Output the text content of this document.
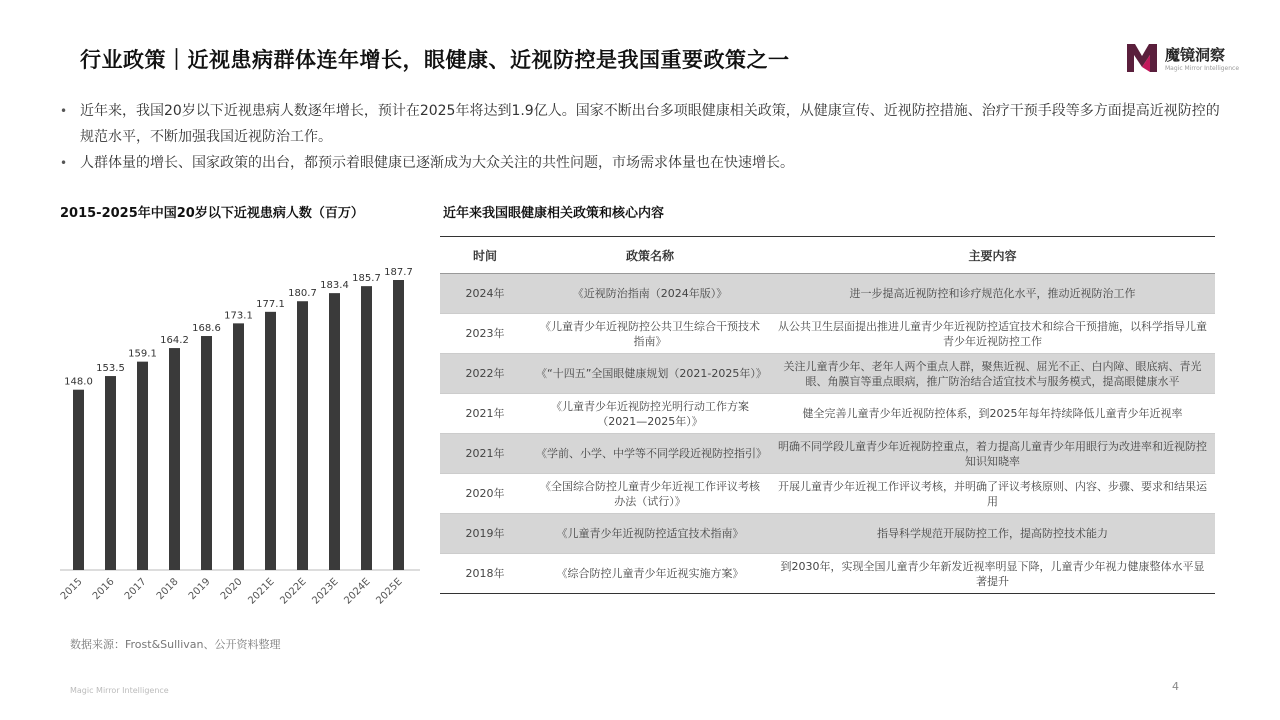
行业政策｜近视患病群体连年增长，眼健康、近视防控是我国重要政策之一	魔镜洞察
Magic Mirror Intelligence
• 近年来，我国20岁以下近视患病人数逐年增长，预计在2025年将达到1.9亿人。国家不断出台多项眼健康相关政策，从健康宣传、近视防控措施、治疗干预手段等多方面提高近视防控的规范水平，不断加强我国近视防治工作。
• 人群体量的增长、国家政策的出台，都预示着眼健康已逐渐成为大众关注的共性问题，市场需求体量也在快速增长。
2015-2025年中国20岁以下近视患病人数（百万）
148.0
2015
153.5
2016
159.1
2017
164.2
2018
168.6
2019
173.1
2020
177.1
2021E
180.7
2022E
183.4
2023E
185.7
2024E
187.7
2025E
数据来源：Frost&Sullivan、公开资料整理
近年来我国眼健康相关政策和核心内容
时间	政策名称	主要内容
2024年	《近视防治指南（2024年版）》	进一步提高近视防控和诊疗规范化水平，推动近视防治工作
2023年	《儿童青少年近视防控公共卫生综合干预技术指南》	从公共卫生层面提出推进儿童青少年近视防控适宜技术和综合干预措施，以科学指导儿童青少年近视防控工作
2022年	《“十四五”全国眼健康规划（2021-2025年）》	关注儿童青少年、老年人两个重点人群，聚焦近视、屈光不正、白内障、眼底病、青光眼、角膜盲等重点眼病，推广防治结合适宜技术与服务模式，提高眼健康水平
2021年	《儿童青少年近视防控光明行动工作方案（2021—2025年）》	健全完善儿童青少年近视防控体系，到2025年每年持续降低儿童青少年近视率
2021年	《学前、小学、中学等不同学段近视防控指引》	明确不同学段儿童青少年近视防控重点，着力提高儿童青少年用眼行为改进率和近视防控知识知晓率
2020年	《全国综合防控儿童青少年近视工作评议考核办法（试行）》	开展儿童青少年近视工作评议考核，并明确了评议考核原则、内容、步骤、要求和结果运用
2019年	《儿童青少年近视防控适宜技术指南》	指导科学规范开展防控工作，提高防控技术能力
2018年	《综合防控儿童青少年近视实施方案》	到2030年，实现全国儿童青少年新发近视率明显下降，儿童青少年视力健康整体水平显著提升
Magic Mirror Intelligence	4
